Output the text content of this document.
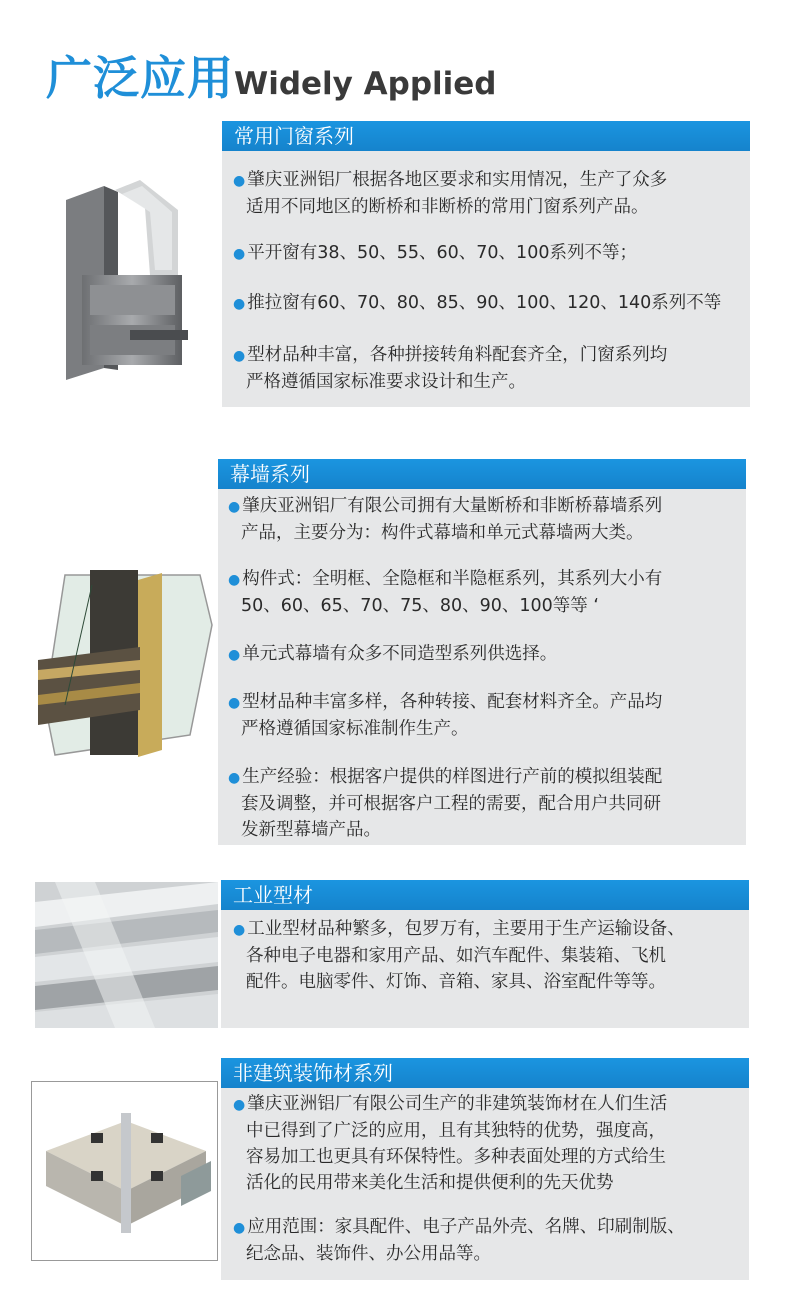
广泛应用Widely Applied
常用门窗系列
● 肇庆亚洲铝厂根据各地区要求和实用情况，生产了众多
适用不同地区的断桥和非断桥的常用门窗系列产品。
● 平开窗有38、50、55、60、70、100系列不等；
● 推拉窗有60、70、80、85、90、100、120、140系列不等
● 型材品种丰富，各种拼接转角料配套齐全，门窗系列均
严格遵循国家标准要求设计和生产。
幕墙系列
● 肇庆亚洲铝厂有限公司拥有大量断桥和非断桥幕墙系列
产品，主要分为：构件式幕墙和单元式幕墙两大类。
● 构件式：全明框、全隐框和半隐框系列，其系列大小有
50、60、65、70、75、80、90、100等等 ‘
● 单元式幕墙有众多不同造型系列供选择。
● 型材品种丰富多样，各种转接、配套材料齐全。产品均
严格遵循国家标准制作生产。
● 生产经验：根据客户提供的样图进行产前的模拟组装配
套及调整，并可根据客户工程的需要，配合用户共同研
发新型幕墙产品。
工业型材
● 工业型材品种繁多，包罗万有，主要用于生产运输设备、
各种电子电器和家用产品、如汽车配件、集装箱、飞机
配件。电脑零件、灯饰、音箱、家具、浴室配件等等。
非建筑装饰材系列
● 肇庆亚洲铝厂有限公司生产的非建筑装饰材在人们生活
中已得到了广泛的应用，且有其独特的优势，强度高，
容易加工也更具有环保特性。多种表面处理的方式给生
活化的民用带来美化生活和提供便利的先天优势
● 应用范围：家具配件、电子产品外壳、名牌、印刷制版、
纪念品、装饰件、办公用品等。
